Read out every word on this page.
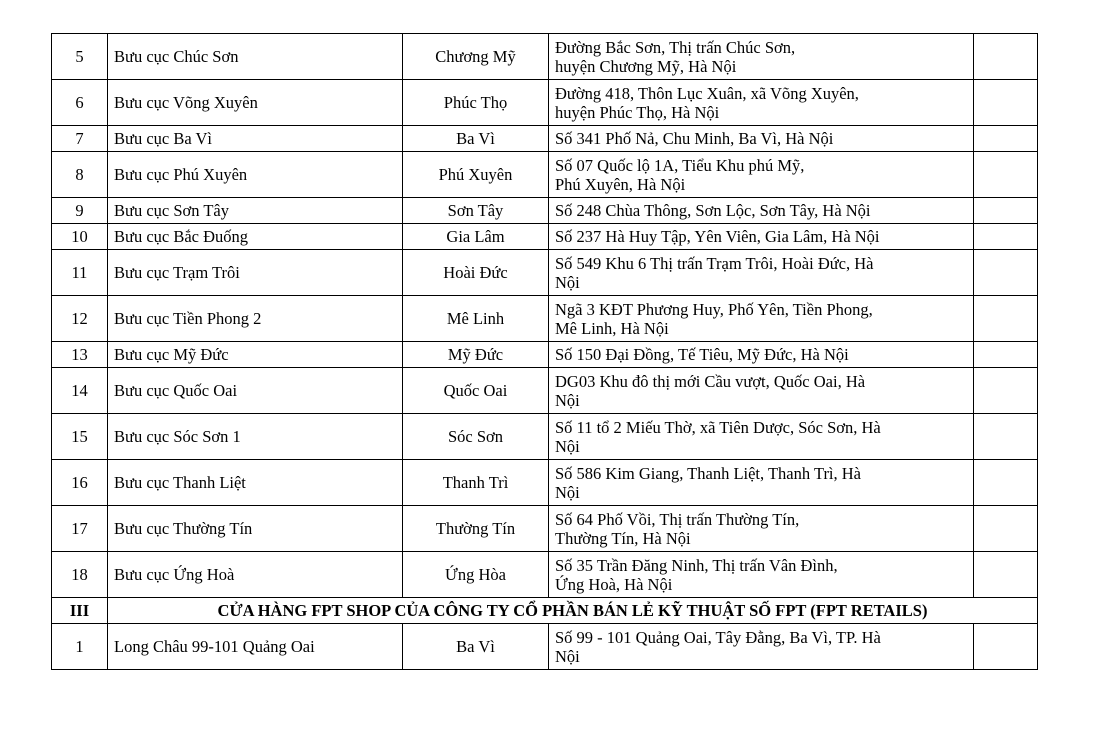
5	Bưu cục Chúc Sơn	Chương Mỹ	Đường Bắc Sơn, Thị trấn Chúc Sơn,
huyện Chương Mỹ, Hà Nội	

6	Bưu cục Võng Xuyên	Phúc Thọ	Đường 418, Thôn Lục Xuân, xã Võng Xuyên,
huyện Phúc Thọ, Hà Nội	

7	Bưu cục Ba Vì	Ba Vì	Số 341 Phố Nả, Chu Minh, Ba Vì, Hà Nội	

8	Bưu cục Phú Xuyên	Phú Xuyên	Số 07 Quốc lộ 1A, Tiểu Khu phú Mỹ,
Phú Xuyên, Hà Nội	

9	Bưu cục Sơn Tây	Sơn Tây	Số 248 Chùa Thông, Sơn Lộc, Sơn Tây, Hà Nội	

10	Bưu cục Bắc Đuống	Gia Lâm	Số 237 Hà Huy Tập, Yên Viên, Gia Lâm, Hà Nội	

11	Bưu cục Trạm Trôi	Hoài Đức	Số 549 Khu 6 Thị trấn Trạm Trôi, Hoài Đức, Hà
Nội	

12	Bưu cục Tiền Phong 2	Mê Linh	Ngã 3 KĐT Phương Huy, Phố Yên, Tiền Phong,
Mê Linh, Hà Nội	

13	Bưu cục Mỹ Đức	Mỹ Đức	Số 150 Đại Đồng, Tế Tiêu, Mỹ Đức, Hà Nội	

14	Bưu cục Quốc Oai	Quốc Oai	DG03 Khu đô thị mới Cầu vượt, Quốc Oai, Hà
Nội	

15	Bưu cục Sóc Sơn 1	Sóc Sơn	Số 11 tổ 2 Miếu Thờ, xã Tiên Dược, Sóc Sơn, Hà
Nội	

16	Bưu cục Thanh Liệt	Thanh Trì	Số 586 Kim Giang, Thanh Liệt, Thanh Trì, Hà
Nội	

17	Bưu cục Thường Tín	Thường Tín	Số 64 Phố Vồi, Thị trấn Thường Tín,
Thường Tín, Hà Nội	

18	Bưu cục Ứng Hoà	Ứng Hòa	Số 35 Trần Đăng Ninh, Thị trấn Vân Đình,
Ứng Hoà, Hà Nội	

III	CỬA HÀNG FPT SHOP CỦA CÔNG TY CỔ PHẦN BÁN LẺ KỸ THUẬT SỐ FPT (FPT RETAILS)			
1	Long Châu 99-101 Quảng Oai	Ba Vì	Số 99 - 101 Quảng Oai, Tây Đằng, Ba Vì, TP. Hà
Nội	
